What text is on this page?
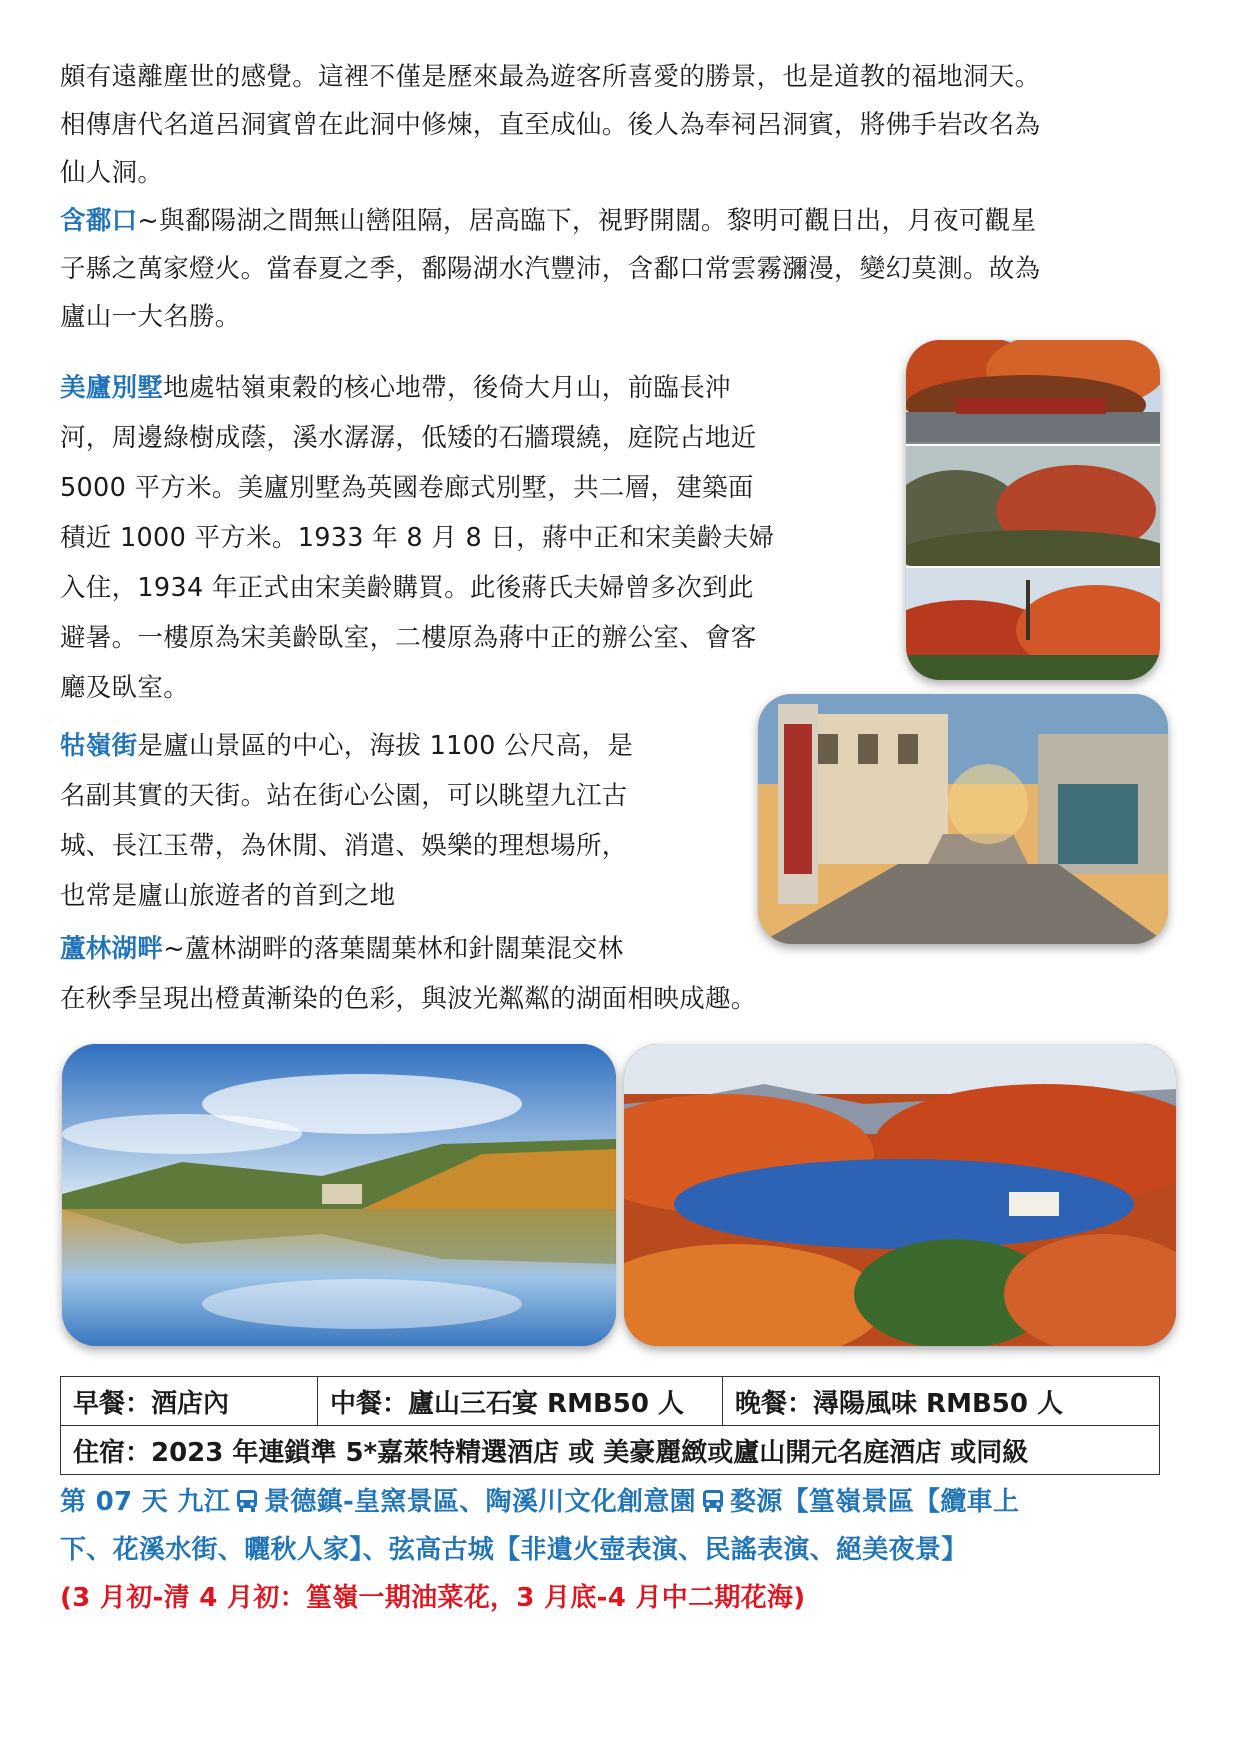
頗有遠離塵世的感覺。這裡不僅是歷來最為遊客所喜愛的勝景，也是道教的福地洞天。

相傳唐代名道呂洞賓曾在此洞中修煉，直至成仙。後人為奉祠呂洞賓，將佛手岩改名為

仙人洞。

含鄱口~與鄱陽湖之間無山巒阻隔，居高臨下，視野開闊。黎明可觀日出，月夜可觀星

子縣之萬家燈火。當春夏之季，鄱陽湖水汽豐沛，含鄱口常雲霧瀰漫，變幻莫測。故為

廬山一大名勝。

美廬別墅地處牯嶺東穀的核心地帶，後倚大月山，前臨長沖

河，周邊綠樹成蔭，溪水潺潺，低矮的石牆環繞，庭院占地近

5000 平方米。美廬別墅為英國卷廊式別墅，共二層，建築面

積近 1000 平方米。1933 年 8 月 8 日，蔣中正和宋美齡夫婦

入住，1934 年正式由宋美齡購買。此後蔣氏夫婦曾多次到此

避暑。一樓原為宋美齡臥室，二樓原為蔣中正的辦公室、會客

廳及臥室。

牯嶺街是廬山景區的中心，海拔 1100 公尺高，是

名副其實的天街。站在街心公園，可以眺望九江古

城、長江玉帶，為休閒、消遣、娛樂的理想場所，

也常是廬山旅遊者的首到之地

蘆林湖畔~蘆林湖畔的落葉闊葉林和針闊葉混交林

在秋季呈現出橙黃漸染的色彩，與波光粼粼的湖面相映成趣。

早餐：酒店內	中餐：廬山三石宴 RMB50 人	晚餐：潯陽風味 RMB50 人
住宿：2023 年連鎖準 5*嘉萊特精選酒店 或 美豪麗緻或廬山開元名庭酒店 或同級

第 07 天 九江 景德鎮-皇窯景區、陶溪川文化創意園 婺源【篁嶺景區【纜車上

下、花溪水街、曬秋人家】、弦高古城【非遺火壺表演、民謠表演、絕美夜景】

(3 月初-清 4 月初：篁嶺一期油菜花，3 月底-4 月中二期花海)
